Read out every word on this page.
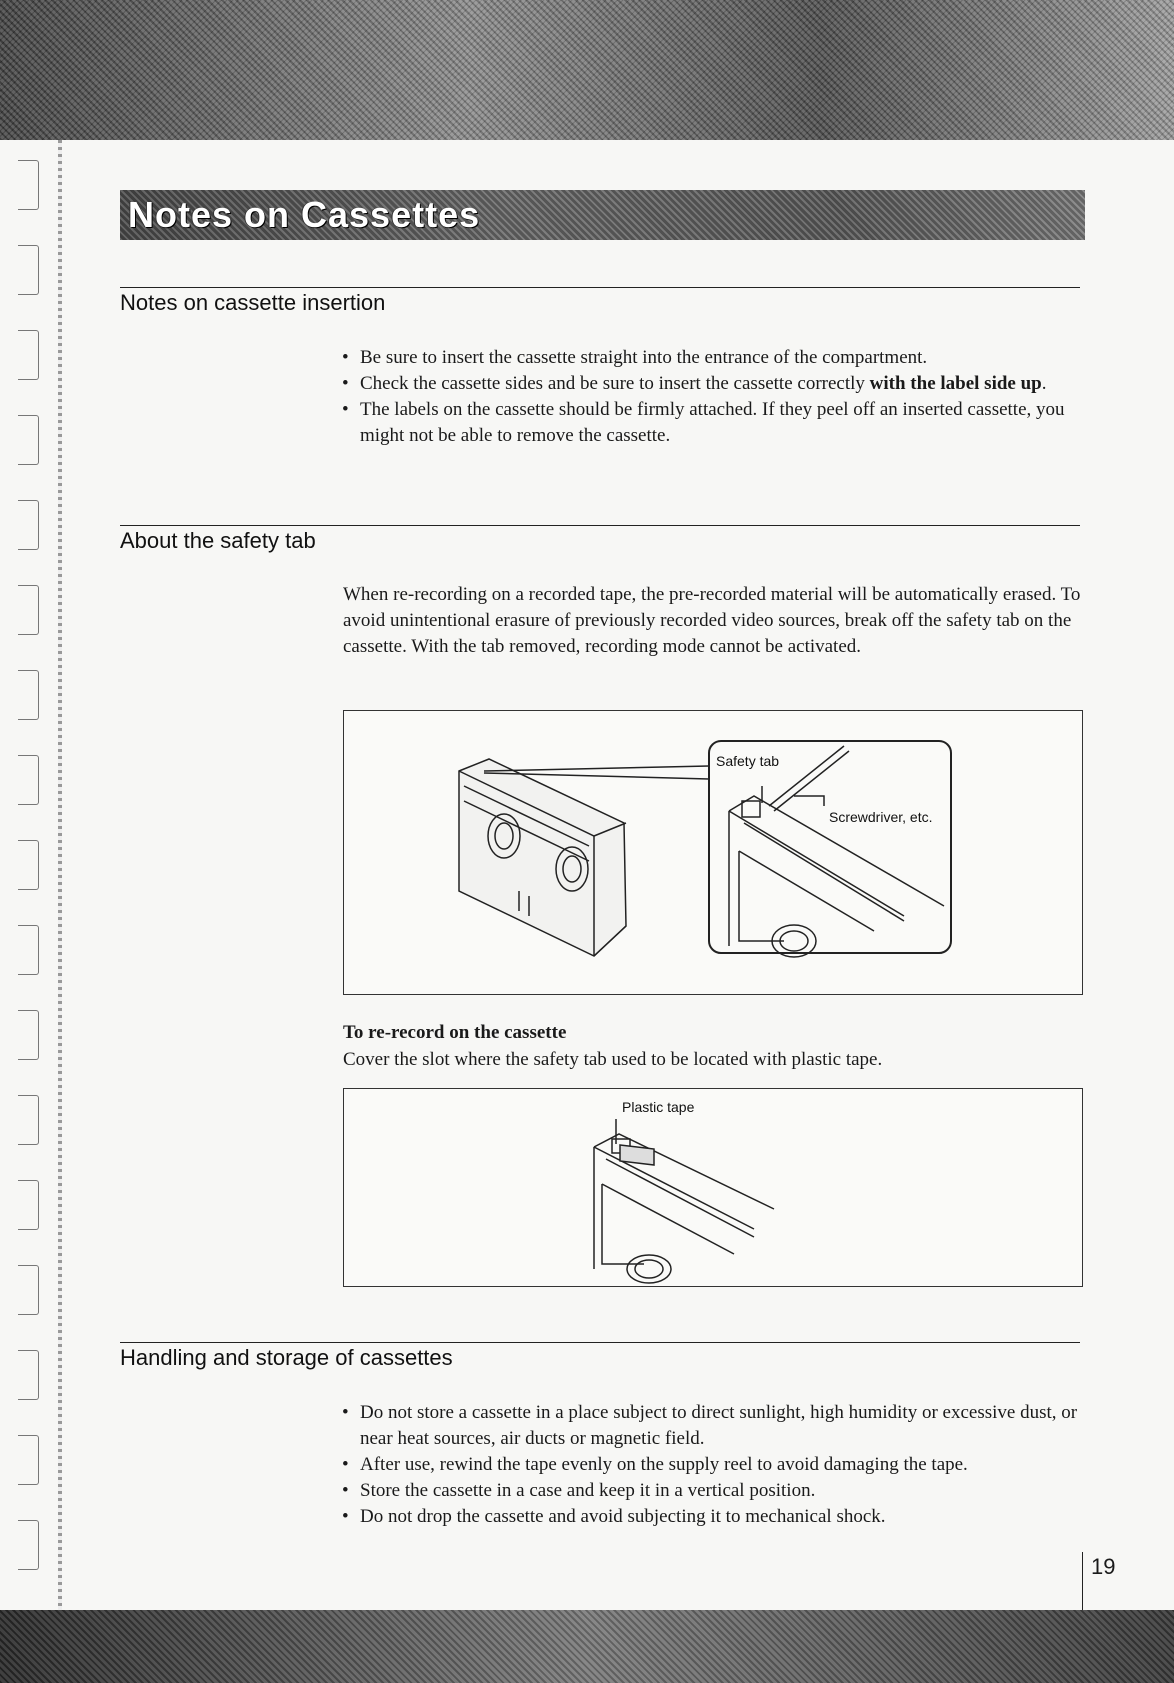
Notes on Cassettes
Notes on cassette insertion
• Be sure to insert the cassette straight into the entrance of the compartment.
• Check the cassette sides and be sure to insert the cassette correctly with the label side up.
• The labels on the cassette should be firmly attached. If they peel off an inserted cassette, you might not be able to remove the cassette.
About the safety tab

When re-recording on a recorded tape, the pre-recorded material will be automatically erased. To avoid unintentional erasure of previously recorded video sources, break off the safety tab on the cassette. With the tab removed, recording mode cannot be activated.

Safety tab
Screwdriver, etc.
To re-record on the cassette

Cover the slot where the safety tab used to be located with plastic tape.

Plastic tape
Handling and storage of cassettes
• Do not store a cassette in a place subject to direct sunlight, high humidity or excessive dust, or near heat sources, air ducts or magnetic field.
• After use, rewind the tape evenly on the supply reel to avoid damaging the tape.
• Store the cassette in a case and keep it in a vertical position.
• Do not drop the cassette and avoid subjecting it to mechanical shock.
19
